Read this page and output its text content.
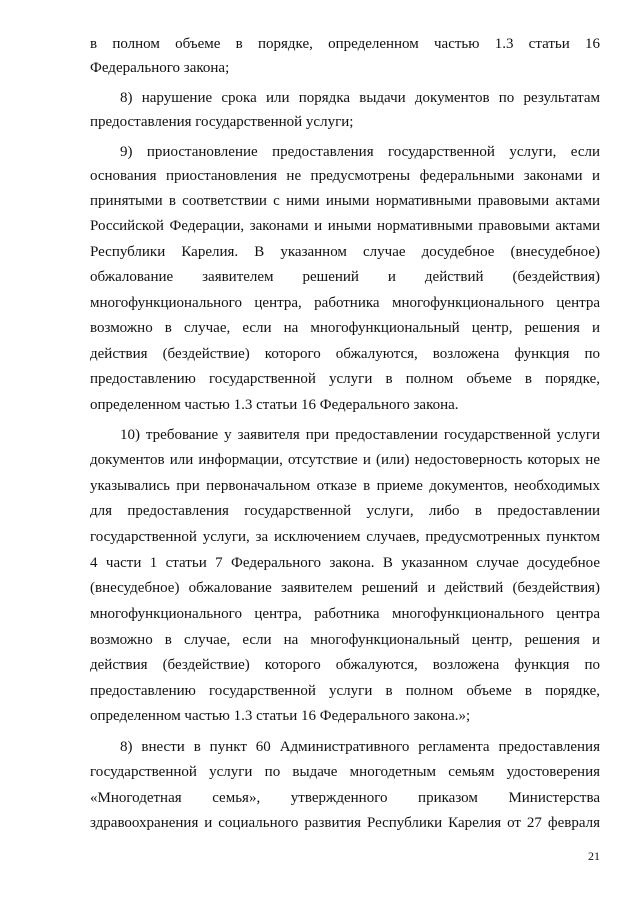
в полном объеме в порядке, определенном частью 1.3 статьи 16
Федерального закона;
8) нарушение срока или порядка выдачи документов по результатам
предоставления государственной услуги;
9) приостановление предоставления государственной услуги, если
основания приостановления не предусмотрены федеральными законами и
принятыми в соответствии с ними иными нормативными правовыми актами
Российской Федерации, законами и иными нормативными правовыми актами
Республики Карелия. В указанном случае досудебное (внесудебное)
обжалование заявителем решений и действий (бездействия)
многофункционального центра, работника многофункционального центра
возможно в случае, если на многофункциональный центр, решения и
действия (бездействие) которого обжалуются, возложена функция по
предоставлению государственной услуги в полном объеме в порядке,
определенном частью 1.3 статьи 16 Федерального закона.
10) требование у заявителя при предоставлении государственной услуги
документов или информации, отсутствие и (или) недостоверность которых не
указывались при первоначальном отказе в приеме документов, необходимых
для предоставления государственной услуги, либо в предоставлении
государственной услуги, за исключением случаев, предусмотренных пунктом
4 части 1 статьи 7 Федерального закона. В указанном случае досудебное
(внесудебное) обжалование заявителем решений и действий (бездействия)
многофункционального центра, работника многофункционального центра
возможно в случае, если на многофункциональный центр, решения и
действия (бездействие) которого обжалуются, возложена функция по
предоставлению государственной услуги в полном объеме в порядке,
определенном частью 1.3 статьи 16 Федерального закона.»;
8) внести в пункт 60 Административного регламента предоставления
государственной услуги по выдаче многодетным семьям удостоверения
«Многодетная семья», утвержденного приказом Министерства
здравоохранения и социального развития Республики Карелия от 27 февраля
21
